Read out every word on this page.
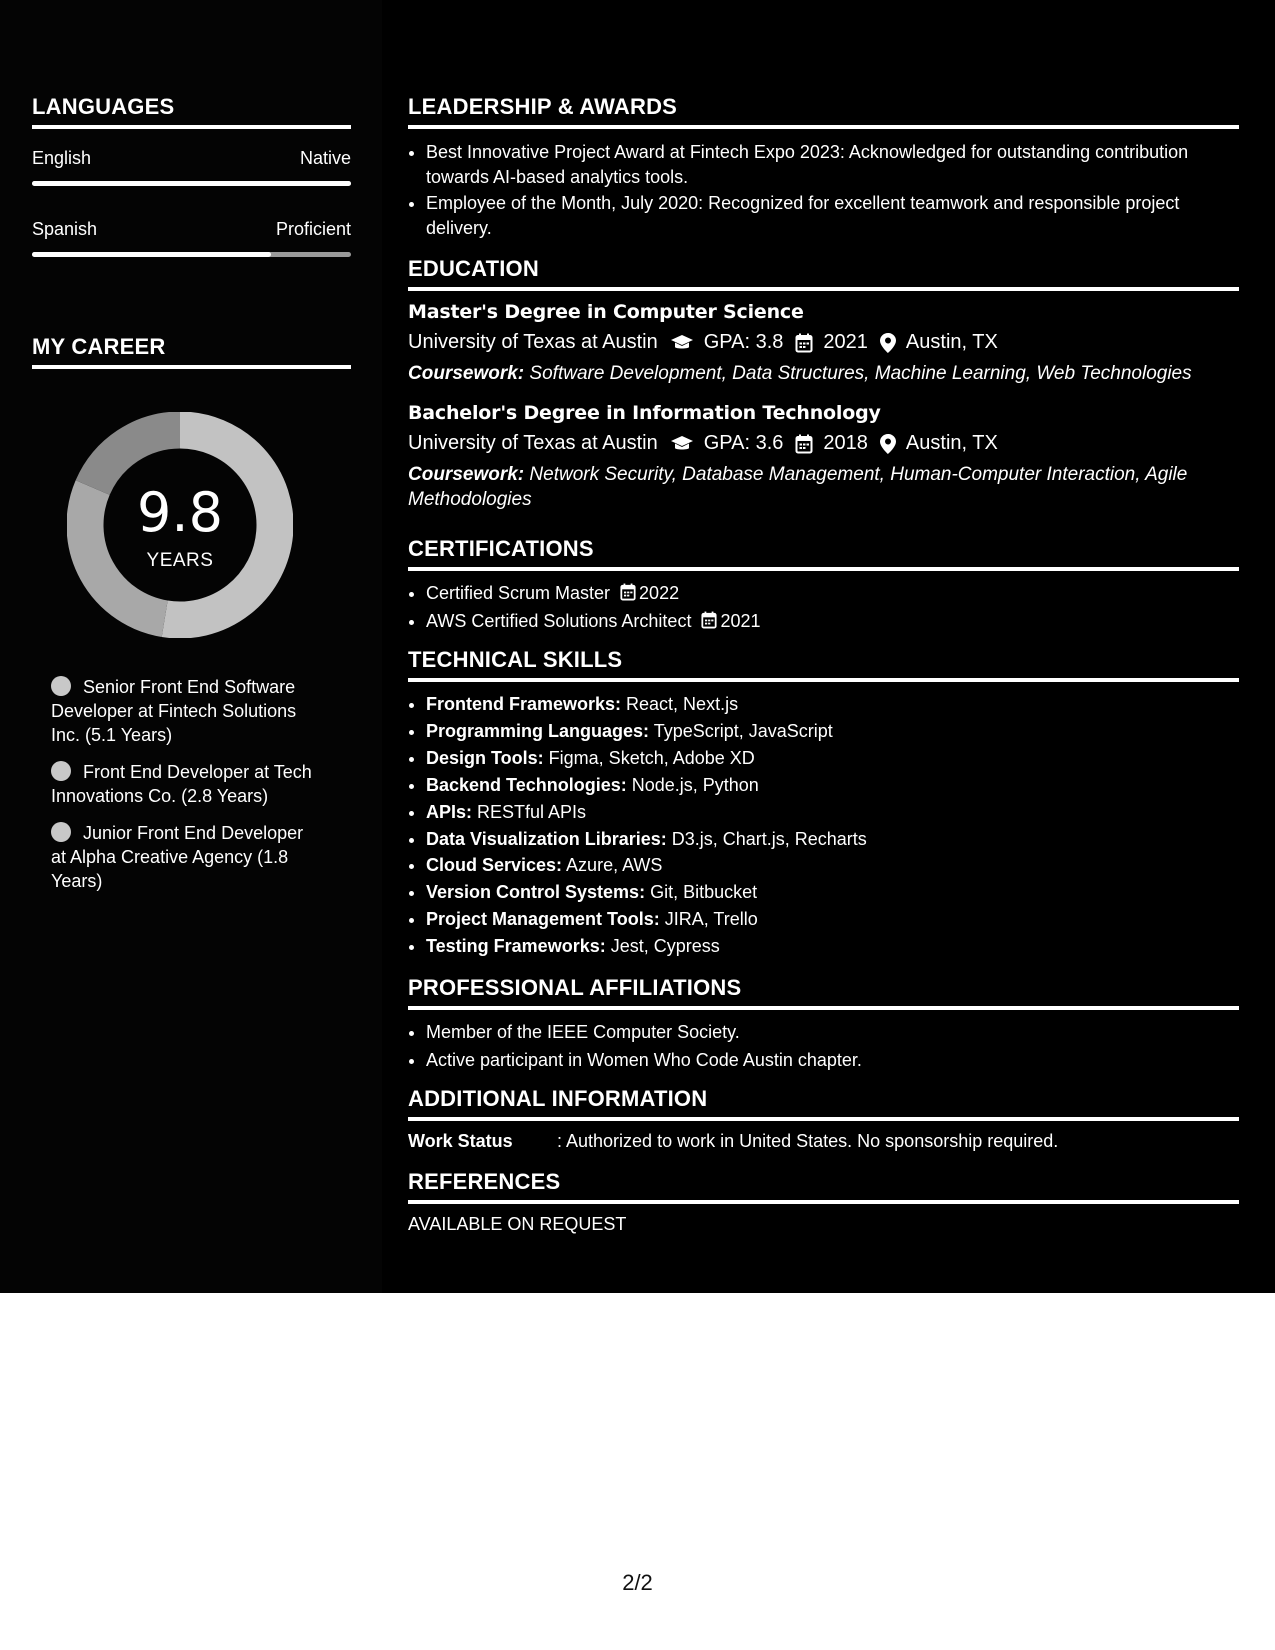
LANGUAGES
English	Native
Spanish	Proficient
MY CAREER
9.8
YEARS
Senior Front End Software Developer at Fintech Solutions Inc. (5.1 Years)
Front End Developer at Tech Innovations Co. (2.8 Years)
Junior Front End Developer at Alpha Creative Agency (1.8 Years)
LEADERSHIP & AWARDS
• Best Innovative Project Award at Fintech Expo 2023: Acknowledged for outstanding contribution towards AI-based analytics tools.
• Employee of the Month, July 2020: Recognized for excellent teamwork and responsible project delivery.
EDUCATION
Master's Degree in Computer Science
University of Texas at Austin GPA: 3.8 2021 Austin, TX
Coursework: Software Development, Data Structures, Machine Learning, Web Technologies
Bachelor's Degree in Information Technology
University of Texas at Austin GPA: 3.6 2018 Austin, TX
Coursework: Network Security, Database Management, Human-Computer Interaction, Agile Methodologies
CERTIFICATIONS
• Certified Scrum Master 2022
• AWS Certified Solutions Architect 2021
TECHNICAL SKILLS
• Frontend Frameworks: React, Next.js
• Programming Languages: TypeScript, JavaScript
• Design Tools: Figma, Sketch, Adobe XD
• Backend Technologies: Node.js, Python
• APIs: RESTful APIs
• Data Visualization Libraries: D3.js, Chart.js, Recharts
• Cloud Services: Azure, AWS
• Version Control Systems: Git, Bitbucket
• Project Management Tools: JIRA, Trello
• Testing Frameworks: Jest, Cypress
PROFESSIONAL AFFILIATIONS
• Member of the IEEE Computer Society.
• Active participant in Women Who Code Austin chapter.
ADDITIONAL INFORMATION
Work Status	: Authorized to work in United States. No sponsorship required.
REFERENCES
AVAILABLE ON REQUEST
2/2
